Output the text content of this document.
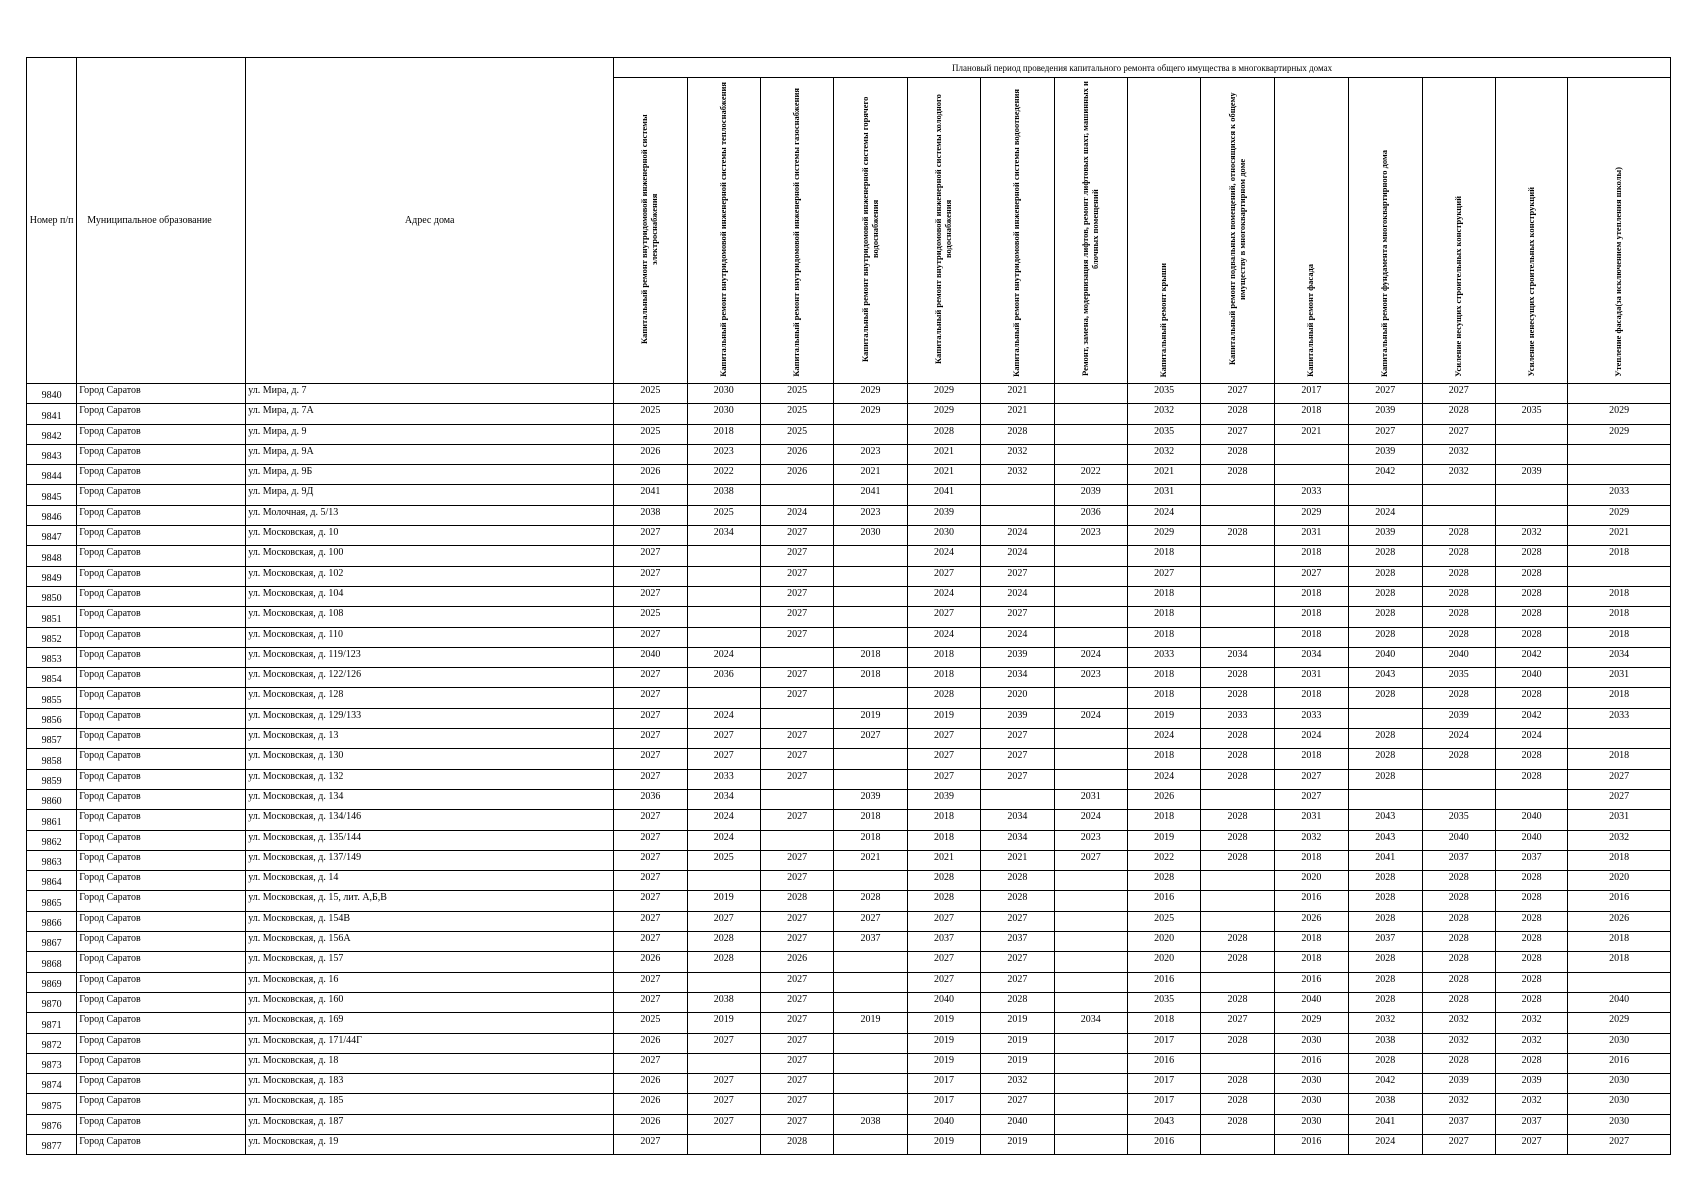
Номер п/п	Муниципальное образование	Адрес дома	Плановый период проведения капитального ремонта общего имущества в многоквартирных домах													

			Капитальный ремонт внутридомовой инженерной системы электроснабжения	Капитальный ремонт внутридомовой инженерной системы теплоснабжения	Капитальный ремонт внутридомовой инженерной системы газоснабжения	Капитальный ремонт внутридомовой инженерной системы горячего водоснабжения	Капитальный ремонт внутридомовой инженерной системы холодного водоснабжения	Капитальный ремонт внутридомовой инженерной системы водоотведения	Ремонт, замена, модернизация лифтов, ремонт лифтовых шахт, машинных и блочных помещений	Капитальный ремонт крыши	Капитальный ремонт подвальных помещений, относящихся к общему имуществу в многоквартирном доме	Капитальный ремонт фасада	Капитальный ремонт фундамента многоквартирного дома	Усиление несущих строительных конструкций	Усиление ненесущих строительных конструкций	Утепление фасада(за исключением утепления школы)

9840	Город Саратов	ул. Мира, д. 7	2025	2030	2025	2029	2029	2021		2035	2027	2017	2027	2027		
9841	Город Саратов	ул. Мира, д. 7А	2025	2030	2025	2029	2029	2021		2032	2028	2018	2039	2028	2035	2029
9842	Город Саратов	ул. Мира, д. 9	2025	2018	2025		2028	2028		2035	2027	2021	2027	2027		2029
9843	Город Саратов	ул. Мира, д. 9А	2026	2023	2026	2023	2021	2032		2032	2028		2039	2032		
9844	Город Саратов	ул. Мира, д. 9Б	2026	2022	2026	2021	2021	2032	2022	2021	2028		2042	2032	2039	
9845	Город Саратов	ул. Мира, д. 9Д	2041	2038		2041	2041		2039	2031		2033				2033
9846	Город Саратов	ул. Молочная, д. 5/13	2038	2025	2024	2023	2039		2036	2024		2029	2024			2029
9847	Город Саратов	ул. Московская, д. 10	2027	2034	2027	2030	2030	2024	2023	2029	2028	2031	2039	2028	2032	2021
9848	Город Саратов	ул. Московская, д. 100	2027		2027		2024	2024		2018		2018	2028	2028	2028	2018
9849	Город Саратов	ул. Московская, д. 102	2027		2027		2027	2027		2027		2027	2028	2028	2028	
9850	Город Саратов	ул. Московская, д. 104	2027		2027		2024	2024		2018		2018	2028	2028	2028	2018
9851	Город Саратов	ул. Московская, д. 108	2025		2027		2027	2027		2018		2018	2028	2028	2028	2018
9852	Город Саратов	ул. Московская, д. 110	2027		2027		2024	2024		2018		2018	2028	2028	2028	2018
9853	Город Саратов	ул. Московская, д. 119/123	2040	2024		2018	2018	2039	2024	2033	2034	2034	2040	2040	2042	2034
9854	Город Саратов	ул. Московская, д. 122/126	2027	2036	2027	2018	2018	2034	2023	2018	2028	2031	2043	2035	2040	2031
9855	Город Саратов	ул. Московская, д. 128	2027		2027		2028	2020		2018	2028	2018	2028	2028	2028	2018
9856	Город Саратов	ул. Московская, д. 129/133	2027	2024		2019	2019	2039	2024	2019	2033	2033		2039	2042	2033
9857	Город Саратов	ул. Московская, д. 13	2027	2027	2027	2027	2027	2027		2024	2028	2024	2028	2024	2024	
9858	Город Саратов	ул. Московская, д. 130	2027	2027	2027		2027	2027		2018	2028	2018	2028	2028	2028	2018
9859	Город Саратов	ул. Московская, д. 132	2027	2033	2027		2027	2027		2024	2028	2027	2028		2028	2027
9860	Город Саратов	ул. Московская, д. 134	2036	2034		2039	2039		2031	2026		2027				2027
9861	Город Саратов	ул. Московская, д. 134/146	2027	2024	2027	2018	2018	2034	2024	2018	2028	2031	2043	2035	2040	2031
9862	Город Саратов	ул. Московская, д. 135/144	2027	2024		2018	2018	2034	2023	2019	2028	2032	2043	2040	2040	2032
9863	Город Саратов	ул. Московская, д. 137/149	2027	2025	2027	2021	2021	2021	2027	2022	2028	2018	2041	2037	2037	2018
9864	Город Саратов	ул. Московская, д. 14	2027		2027		2028	2028		2028		2020	2028	2028	2028	2020
9865	Город Саратов	ул. Московская, д. 15, лит. А,Б,В	2027	2019	2028	2028	2028	2028		2016		2016	2028	2028	2028	2016
9866	Город Саратов	ул. Московская, д. 154В	2027	2027	2027	2027	2027	2027		2025		2026	2028	2028	2028	2026
9867	Город Саратов	ул. Московская, д. 156А	2027	2028	2027	2037	2037	2037		2020	2028	2018	2037	2028	2028	2018
9868	Город Саратов	ул. Московская, д. 157	2026	2028	2026		2027	2027		2020	2028	2018	2028	2028	2028	2018
9869	Город Саратов	ул. Московская, д. 16	2027		2027		2027	2027		2016		2016	2028	2028	2028	
9870	Город Саратов	ул. Московская, д. 160	2027	2038	2027		2040	2028		2035	2028	2040	2028	2028	2028	2040
9871	Город Саратов	ул. Московская, д. 169	2025	2019	2027	2019	2019	2019	2034	2018	2027	2029	2032	2032	2032	2029
9872	Город Саратов	ул. Московская, д. 171/44Г	2026	2027	2027		2019	2019		2017	2028	2030	2038	2032	2032	2030
9873	Город Саратов	ул. Московская, д. 18	2027		2027		2019	2019		2016		2016	2028	2028	2028	2016
9874	Город Саратов	ул. Московская, д. 183	2026	2027	2027		2017	2032		2017	2028	2030	2042	2039	2039	2030
9875	Город Саратов	ул. Московская, д. 185	2026	2027	2027		2017	2027		2017	2028	2030	2038	2032	2032	2030
9876	Город Саратов	ул. Московская, д. 187	2026	2027	2027	2038	2040	2040		2043	2028	2030	2041	2037	2037	2030
9877	Город Саратов	ул. Московская, д. 19	2027		2028		2019	2019		2016		2016	2024	2027	2027	2027
